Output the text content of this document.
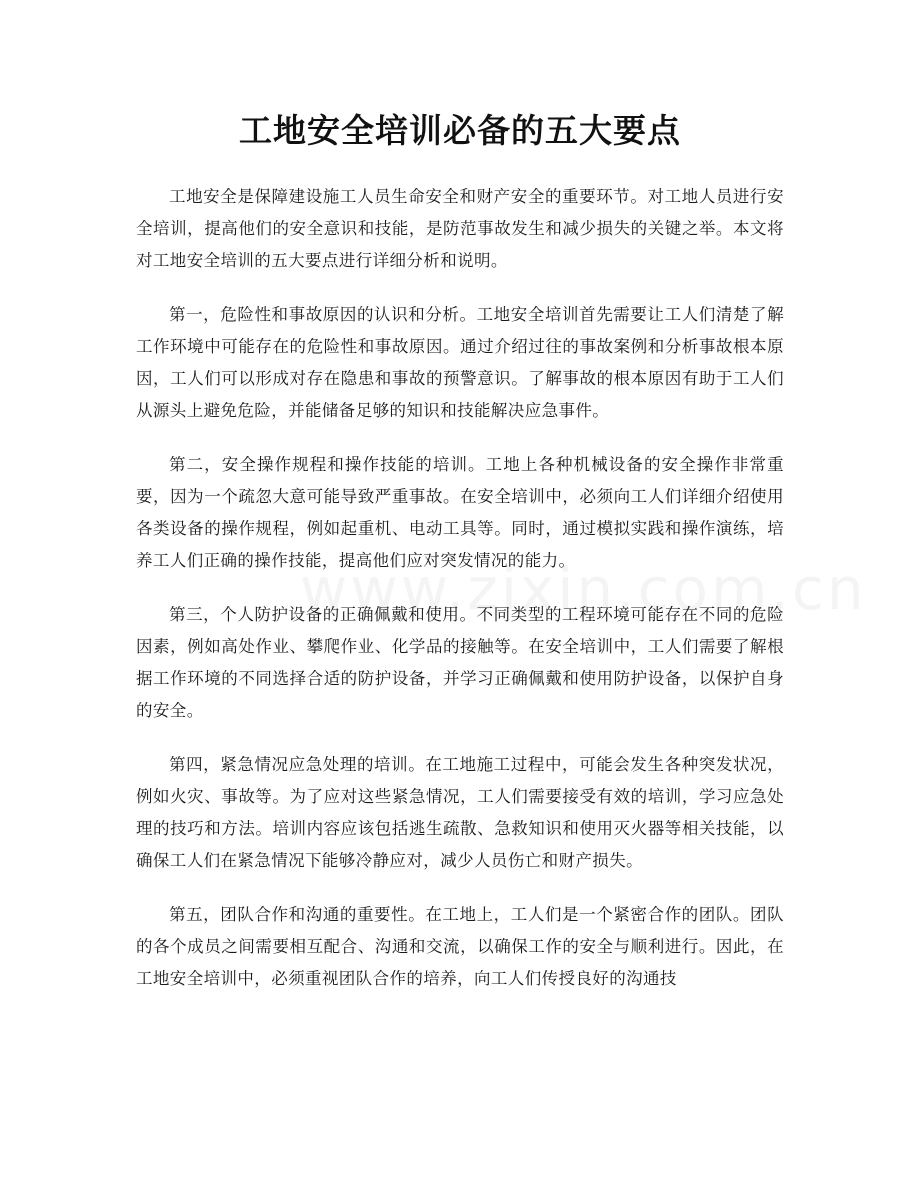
工地安全培训必备的五大要点

工地安全是保障建设施工人员生命安全和财产安全的重要环节。对工地人员进行安全培训，提高他们的安全意识和技能，是防范事故发生和减少损失的关键之举。本文将对工地安全培训的五大要点进行详细分析和说明。

第一，危险性和事故原因的认识和分析。工地安全培训首先需要让工人们清楚了解工作环境中可能存在的危险性和事故原因。通过介绍过往的事故案例和分析事故根本原因，工人们可以形成对存在隐患和事故的预警意识。了解事故的根本原因有助于工人们从源头上避免危险，并能储备足够的知识和技能解决应急事件。

第二，安全操作规程和操作技能的培训。工地上各种机械设备的安全操作非常重要，因为一个疏忽大意可能导致严重事故。在安全培训中，必须向工人们详细介绍使用各类设备的操作规程，例如起重机、电动工具等。同时，通过模拟实践和操作演练，培养工人们正确的操作技能，提高他们应对突发情况的能力。

第三，个人防护设备的正确佩戴和使用。不同类型的工程环境可能存在不同的危险因素，例如高处作业、攀爬作业、化学品的接触等。在安全培训中，工人们需要了解根据工作环境的不同选择合适的防护设备，并学习正确佩戴和使用防护设备，以保护自身的安全。

第四，紧急情况应急处理的培训。在工地施工过程中，可能会发生各种突发状况，例如火灾、事故等。为了应对这些紧急情况，工人们需要接受有效的培训，学习应急处理的技巧和方法。培训内容应该包括逃生疏散、急救知识和使用灭火器等相关技能，以确保工人们在紧急情况下能够冷静应对，减少人员伤亡和财产损失。

第五，团队合作和沟通的重要性。在工地上，工人们是一个紧密合作的团队。团队的各个成员之间需要相互配合、沟通和交流，以确保工作的安全与顺利进行。因此，在工地安全培训中，必须重视团队合作的培养，向工人们传授良好的沟通技
